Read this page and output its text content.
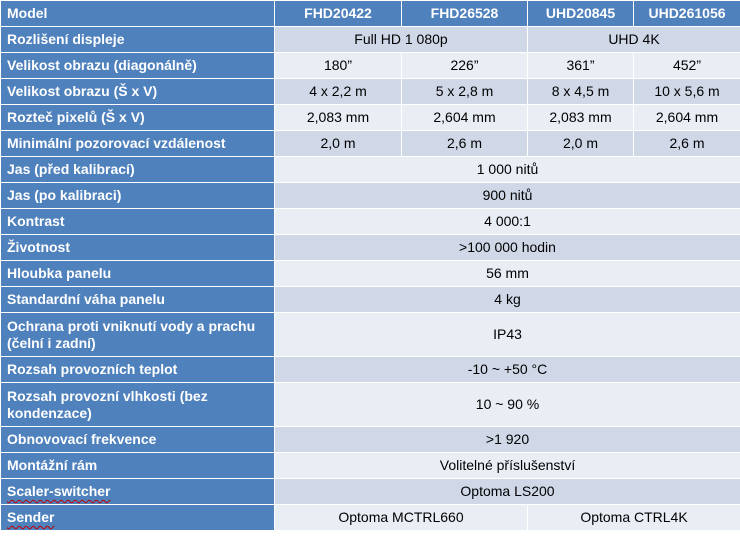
Model	FHD20422	FHD26528	UHD20845	UHD261056
Rozlišení displeje	Full HD 1 080p		UHD 4K	
Velikost obrazu (diagonálně)	180”	226”	361”	452”
Velikost obrazu (Š x V)	4 x 2,2 m	5 x 2,8 m	8 x 4,5 m	10 x 5,6 m
Rozteč pixelů (Š x V)	2,083 mm	2,604 mm	2,083 mm	2,604 mm
Minimální pozorovací vzdálenost	2,0 m	2,6 m	2,0 m	2,6 m
Jas (před kalibrací)	1 000 nitů			
Jas (po kalibraci)	900 nitů			
Kontrast	4 000:1			
Životnost	>100 000 hodin			
Hloubka panelu	56 mm			
Standardní váha panelu	4 kg			
Ochrana proti vniknutí vody a prachu (čelní i zadní)	IP43			
Rozsah provozních teplot	-10 ~ +50 °C			
Rozsah provozní vlhkosti (bez kondenzace)	10 ~ 90 %			
Obnovovací frekvence	>1 920			
Montážní rám	Volitelné příslušenství			
Scaler-switcher	Optoma LS200			
Sender	Optoma MCTRL660		Optoma CTRL4K	
